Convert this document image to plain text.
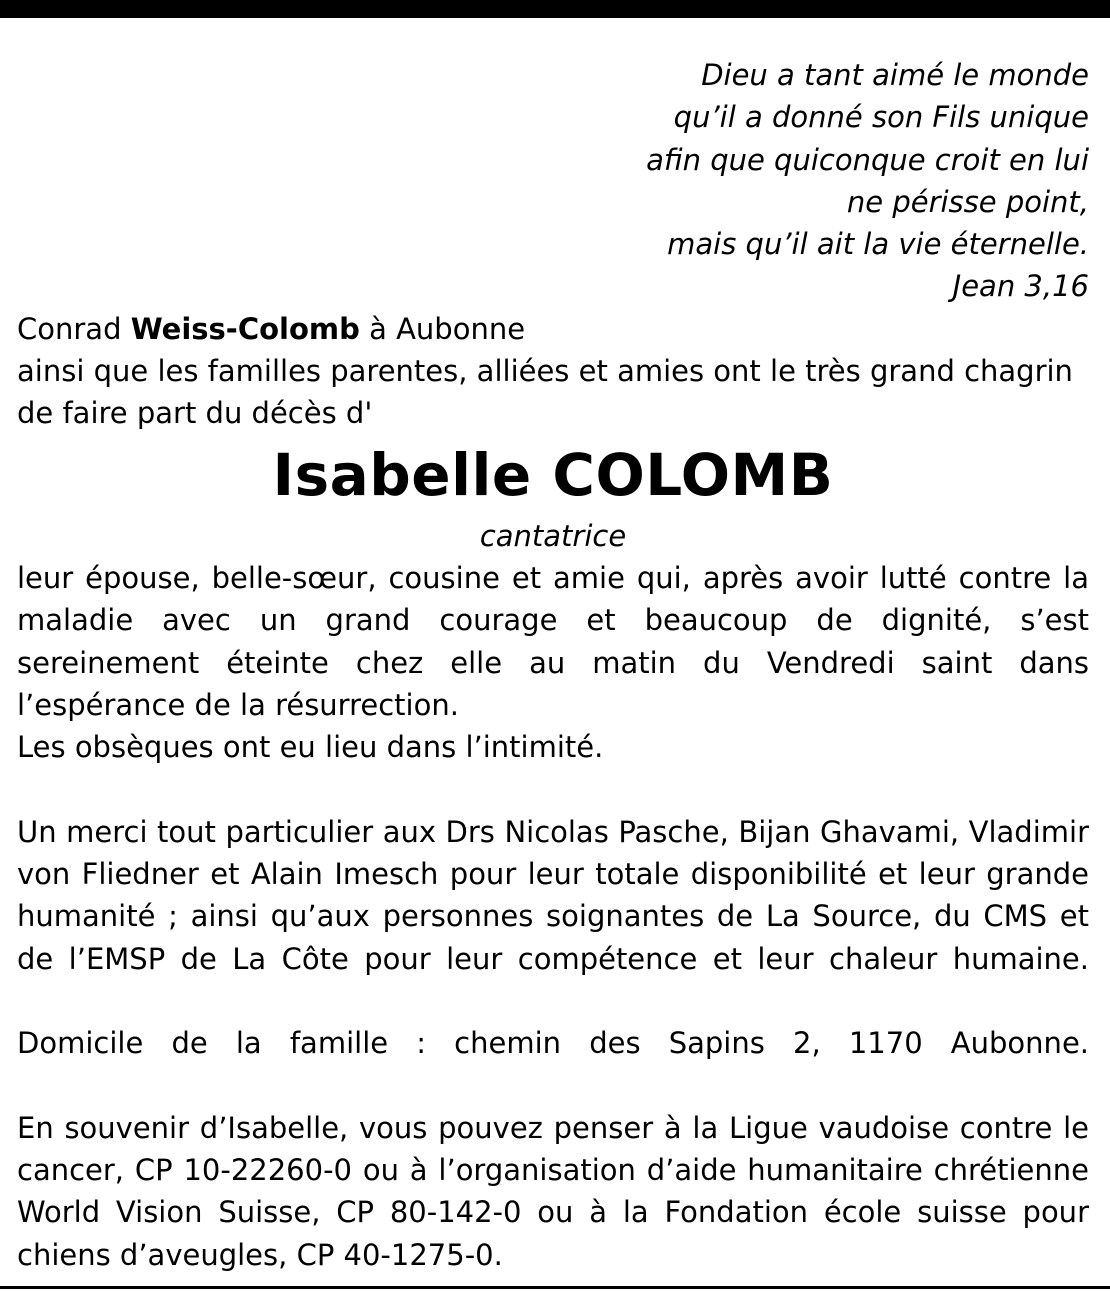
Dieu a tant aimé le monde
qu’il a donné son Fils unique
afin que quiconque croit en lui
ne périsse point,
mais qu’il ait la vie éternelle.
Jean 3,16
Conrad Weiss-Colomb à Aubonne
ainsi que les familles parentes, alliées et amies ont le très grand chagrin
de faire part du décès d'
Isabelle COLOMB
cantatrice
leur épouse, belle-sœur, cousine et amie qui, après avoir lutté contre la maladie avec un grand courage et beaucoup de dignité, s’est sereinement éteinte chez elle au matin du Vendredi saint dans l’espérance de la résurrection.
Les obsèques ont eu lieu dans l’intimité.
Un merci tout particulier aux Drs Nicolas Pasche, Bijan Ghavami, Vladimir von Fliedner et Alain Imesch pour leur totale disponibilité et leur grande humanité ; ainsi qu’aux personnes soignantes de La Source, du CMS et de l’EMSP de La Côte pour leur compétence et leur chaleur humaine.
Domicile de la famille : chemin des Sapins 2, 1170 Aubonne.
En souvenir d’Isabelle, vous pouvez penser à la Ligue vaudoise contre le cancer, CP 10-22260-0 ou à l’organisation d’aide humanitaire chrétienne World Vision Suisse, CP 80-142-0 ou à la Fondation école suisse pour chiens d’aveugles, CP 40-1275-0.
